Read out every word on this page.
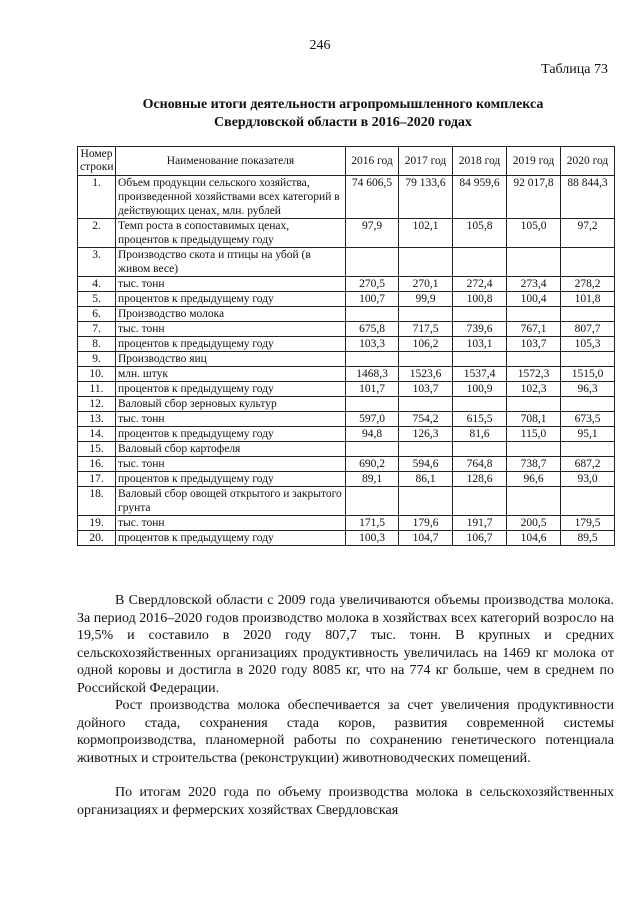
246
Таблица 73
Основные итоги деятельности агропромышленного комплекса
Свердловской области в 2016–2020 годах
Номер строки	Наименование показателя	2016 год	2017 год	2018 год	2019 год	2020 год
1.	Объем продукции сельского хозяйства, произведенной хозяйствами всех категорий в действующих ценах, млн. рублей	74 606,5	79 133,6	84 959,6	92 017,8	88 844,3
2.	Темп роста в сопоставимых ценах, процентов к предыдущему году	97,9	102,1	105,8	105,0	97,2
3.	Производство скота и птицы на убой (в живом весе)					
4.	тыс. тонн	270,5	270,1	272,4	273,4	278,2
5.	процентов к предыдущему году	100,7	99,9	100,8	100,4	101,8
6.	Производство молока					
7.	тыс. тонн	675,8	717,5	739,6	767,1	807,7
8.	процентов к предыдущему году	103,3	106,2	103,1	103,7	105,3
9.	Производство яиц					
10.	млн. штук	1468,3	1523,6	1537,4	1572,3	1515,0
11.	процентов к предыдущему году	101,7	103,7	100,9	102,3	96,3
12.	Валовый сбор зерновых культур					
13.	тыс. тонн	597,0	754,2	615,5	708,1	673,5
14.	процентов к предыдущему году	94,8	126,3	81,6	115,0	95,1
15.	Валовый сбор картофеля					
16.	тыс. тонн	690,2	594,6	764,8	738,7	687,2
17.	процентов к предыдущему году	89,1	86,1	128,6	96,6	93,0
18.	Валовый сбор овощей открытого и закрытого грунта					
19.	тыс. тонн	171,5	179,6	191,7	200,5	179,5
20.	процентов к предыдущему году	100,3	104,7	106,7	104,6	89,5

В Свердловской области с 2009 года увеличиваются объемы производства молока. За период 2016–2020 годов производство молока в хозяйствах всех категорий возросло на 19,5% и составило в 2020 году 807,7 тыс. тонн. В крупных и средних сельскохозяйственных организациях продуктивность увеличилась на 1469 кг молока от одной коровы и достигла в 2020 году 8085 кг, что на 774 кг больше, чем в среднем по Российской Федерации.

Рост производства молока обеспечивается за счет увеличения продуктивности дойного стада, сохранения стада коров, развития современной системы кормопроизводства, планомерной работы по сохранению генетического потенциала животных и строительства (реконструкции) животноводческих помещений.

По итогам 2020 года по объему производства молока в сельскохозяйственных организациях и фермерских хозяйствах Свердловская
